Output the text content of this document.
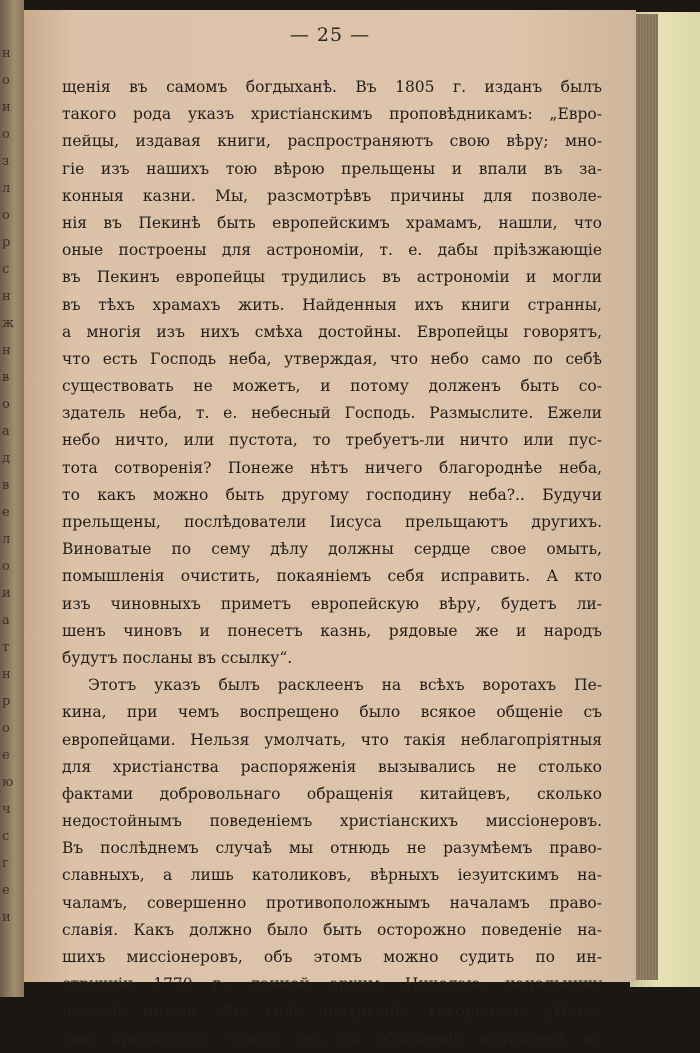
н
о
и
о
з
л
о
р
с
н
ж
н
в
о
а
д
в
е
л
о
и
а
т
н
р
о
е
ю
ч
с
г
е
и
— 25 —
щенія въ самомъ богдыханѣ. Въ 1805 г. изданъ былъ
такого рода указъ христіанскимъ проповѣдникамъ: „Евро-
пейцы, издавая книги, распространяютъ свою вѣру; мно-
гіе изъ нашихъ тою вѣрою прельщены и впали въ за-
конныя казни. Мы, разсмотрѣвъ причины для позволе-
нія въ Пекинѣ быть европейскимъ храмамъ, нашли, что
оные построены для астрономіи, т. е. дабы пріѣзжающіе
въ Пекинъ европейцы трудились въ астрономіи и могли
въ тѣхъ храмахъ жить. Найденныя ихъ книги странны,
а многія изъ нихъ смѣха достойны. Европейцы говорятъ,
что есть Господь неба, утверждая, что небо само по себѣ
существовать не можетъ, и потому долженъ быть со-
здатель неба, т. е. небесный Господь. Размыслите. Ежели
небо ничто, или пустота, то требуетъ-ли ничто или пус-
тота сотворенія? Понеже нѣтъ ничего благороднѣе неба,
то какъ можно быть другому господину неба?.. Будучи
прельщены, послѣдователи Іисуса прельщаютъ другихъ.
Виноватые по сему дѣлу должны сердце свое омыть,
помышленія очистить, покаяніемъ себя исправить. А кто
изъ чиновныхъ приметъ европейскую вѣру, будетъ ли-
шенъ чиновъ и понесетъ казнь, рядовые же и народъ
будутъ посланы въ ссылку“.
Этотъ указъ былъ расклеенъ на всѣхъ воротахъ Пе-
кина, при чемъ воспрещено было всякое общеніе съ
европейцами. Нельзя умолчать, что такія неблагопріятныя
для христіанства распоряженія вызывались не столько
фактами добровольнаго обращенія китайцевъ, сколько
недостойнымъ поведеніемъ христіанскихъ миссіонеровъ.
Въ послѣднемъ случаѣ мы отнюдь не разумѣемъ право-
славныхъ, а лишь католиковъ, вѣрныхъ іезуитскимъ на-
чаламъ, совершенно противоположнымъ началамъ право-
славія. Какъ должно было быть осторожно поведеніе на-
шихъ миссіонеровъ, объ этомъ можно судить по ин-
струкціи 1770 г., данной архим. Николаю, начальнику
шестой миссіи. Въ этой инструкціи говорилось: „Нико-
лаю предписать, чтобы онъ въ обращеніи китайцевъ въ
